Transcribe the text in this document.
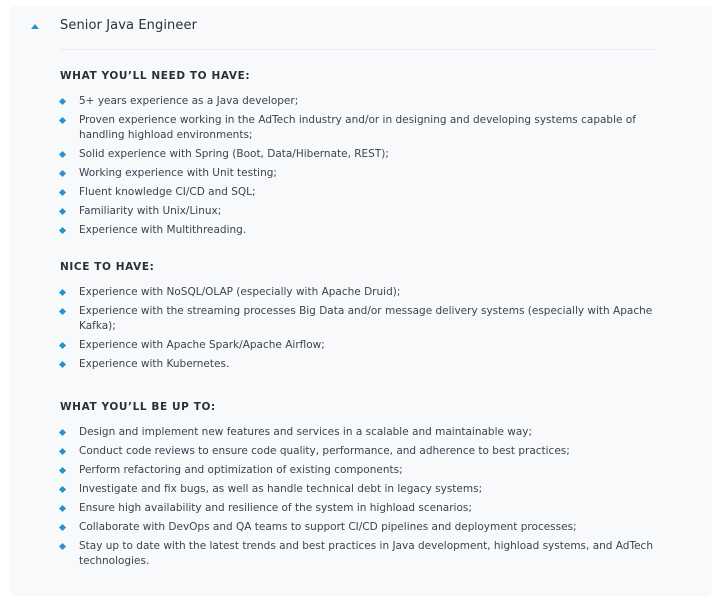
Senior Java Engineer
WHAT YOU’LL NEED TO HAVE:
5+ years experience as a Java developer;
Proven experience working in the AdTech industry and/or in designing and developing systems capable of handling highload environments;
Solid experience with Spring (Boot, Data/Hibernate, REST);
Working experience with Unit testing;
Fluent knowledge CI/CD and SQL;
Familiarity with Unix/Linux;
Experience with Multithreading.
NICE TO HAVE:
Experience with NoSQL/OLAP (especially with Apache Druid);
Experience with the streaming processes Big Data and/or message delivery systems (especially with Apache Kafka);
Experience with Apache Spark/Apache Airflow;
Experience with Kubernetes.
WHAT YOU’LL BE UP TO:
Design and implement new features and services in a scalable and maintainable way;
Conduct code reviews to ensure code quality, performance, and adherence to best practices;
Perform refactoring and optimization of existing components;
Investigate and fix bugs, as well as handle technical debt in legacy systems;
Ensure high availability and resilience of the system in highload scenarios;
Collaborate with DevOps and QA teams to support CI/CD pipelines and deployment processes;
Stay up to date with the latest trends and best practices in Java development, highload systems, and AdTech technologies.
